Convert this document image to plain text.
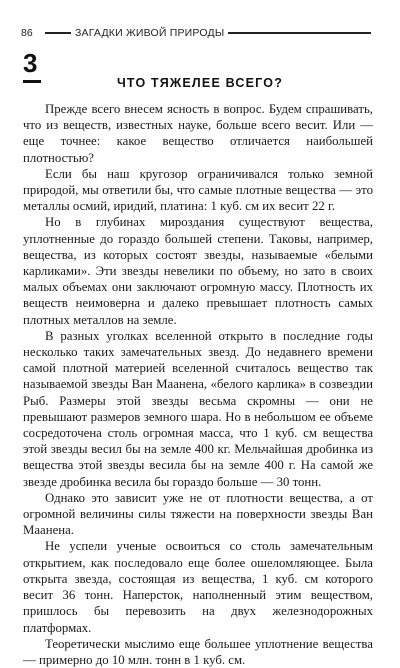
86	ЗАГАДКИ ЖИВОЙ ПРИРОДЫ
3
ЧТО ТЯЖЕЛЕЕ ВСЕГО?

Прежде всего внесем ясность в вопрос. Будем спрашивать, что из веществ, известных науке, больше всего весит. Или — еще точнее: какое вещество отличается наибольшей плотностью?

Если бы наш кругозор ограничивался только земной природой, мы ответили бы, что самые плотные вещества — это металлы осмий, иридий, платина: 1 куб. см их весит 22 г.

Но в глубинах мироздания существуют вещества, уплотненные до гораздо большей степени. Таковы, например, вещества, из которых состоят звезды, называемые «белыми карликами». Эти звезды невелики по объему, но зато в своих малых объемах они заключают огромную массу. Плотность их веществ неимоверна и далеко превышает плотность самых плотных металлов на земле.

В разных уголках вселенной открыто в последние годы несколько таких замечательных звезд. До недавнего времени самой плотной материей вселенной считалось вещество так называемой звезды Ван Маанена, «белого карлика» в созвездии Рыб. Размеры этой звезды весьма скромны — они не превышают размеров земного шара. Но в небольшом ее объеме сосредоточена столь огромная масса, что 1 куб. см вещества этой звезды весил бы на земле 400 кг. Мельчайшая дробинка из вещества этой звезды весила бы на земле 400 г. На самой же звезде дробинка весила бы гораздо больше — 30 тонн.

Однако это зависит уже не от плотности вещества, а от огромной величины силы тяжести на поверхности звезды Ван Маанена.

Не успели ученые освоиться со столь замечательным открытием, как последовало еще более ошеломляющее. Была открыта звезда, состоящая из вещества, 1 куб. см которого весит 36 тонн. Наперсток, наполненный этим веществом, пришлось бы перевозить на двух железнодорожных платформах.

Теоретически мыслимо еще большее уплотнение вещества — примерно до 10 млн. тонн в 1 куб. см.
